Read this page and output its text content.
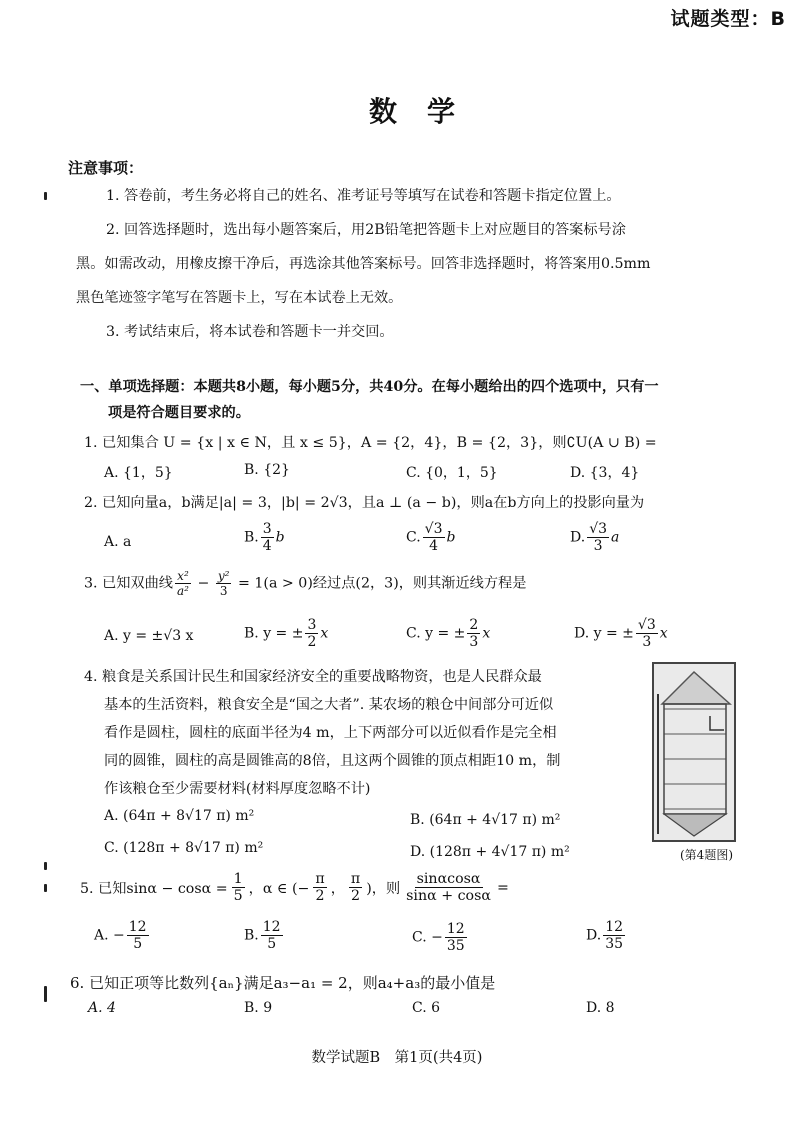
试题类型：B
数学
注意事项：
1. 答卷前，考生务必将自己的姓名、准考证号等填写在试卷和答题卡指定位置上。
2. 回答选择题时，选出每小题答案后，用2B铅笔把答题卡上对应题目的答案标号涂
黑。如需改动，用橡皮擦干净后，再选涂其他答案标号。回答非选择题时，将答案用0.5mm
黑色笔迹签字笔写在答题卡上，写在本试卷上无效。
3. 考试结束后，将本试卷和答题卡一并交回。
一、单项选择题：本题共8小题，每小题5分，共40分。在每小题给出的四个选项中，只有一
项是符合题目要求的。
1. 已知集合 U = {x | x ∈ N，且 x ≤ 5}，A = {2，4}，B = {2，3}，则∁U(A ∪ B) =
A. {1，5}	B. {2}	C. {0，1，5}	D. {3，4}
2. 已知向量a，b满足|a| = 3，|b| = 2√3，且a ⊥ (a − b)，则a在b方向上的投影向量为
A. a	B. $\frac{3}{4}$ b	C. $\frac{√3}{4}$ b	D. $\frac{√3}{3}$ a
3. 已知双曲线 $\frac{\text{x²}}{\text{a²}} - \frac{\text{y²}}{3} = 1(a > 0)$经过点(2，3)，则其渐近线方程是
A. y = ±√3 x	B. y = ± $\frac{3}{2}$ x	C. y = ± $\frac{2}{3}$ x	D. y = ± $\frac{√3}{3}$ x
4. 粮食是关系国计民生和国家经济安全的重要战略物资，也是人民群众最
基本的生活资料，粮食安全是“国之大者”. 某农场的粮仓中间部分可近似
看作是圆柱，圆柱的底面半径为4 m，上下两部分可以近似看作是完全相
同的圆锥，圆柱的高是圆锥高的8倍，且这两个圆锥的顶点相距10 m，制
作该粮仓至少需要材料(材料厚度忽略不计)
A. (64π + 8√17 π) m²	B. (64π + 4√17 π) m²
C. (128π + 8√17 π) m²	D. (128π + 4√17 π) m²	(第4题图)
5. 已知$\sin\alpha - \cos\alpha = \frac{1}{5}$ ，α ∈ (− $\frac{\pi}{2}$ ， $\frac{\pi}{2}$ )，则 $\frac{\sin\alpha\cos\alpha}{\sin\alpha + \cos\alpha}$ =
A. − $\frac{12}{5}$	B. $\frac{12}{5}$	C. − $\frac{12}{35}$	D. $\frac{12}{35}$
6. 已知正项等比数列{aₙ}满足a₃−a₁ = 2，则a₄+a₃的最小值是
A. 4	B. 9	C. 6	D. 8
数学试题B　第1页(共4页)
